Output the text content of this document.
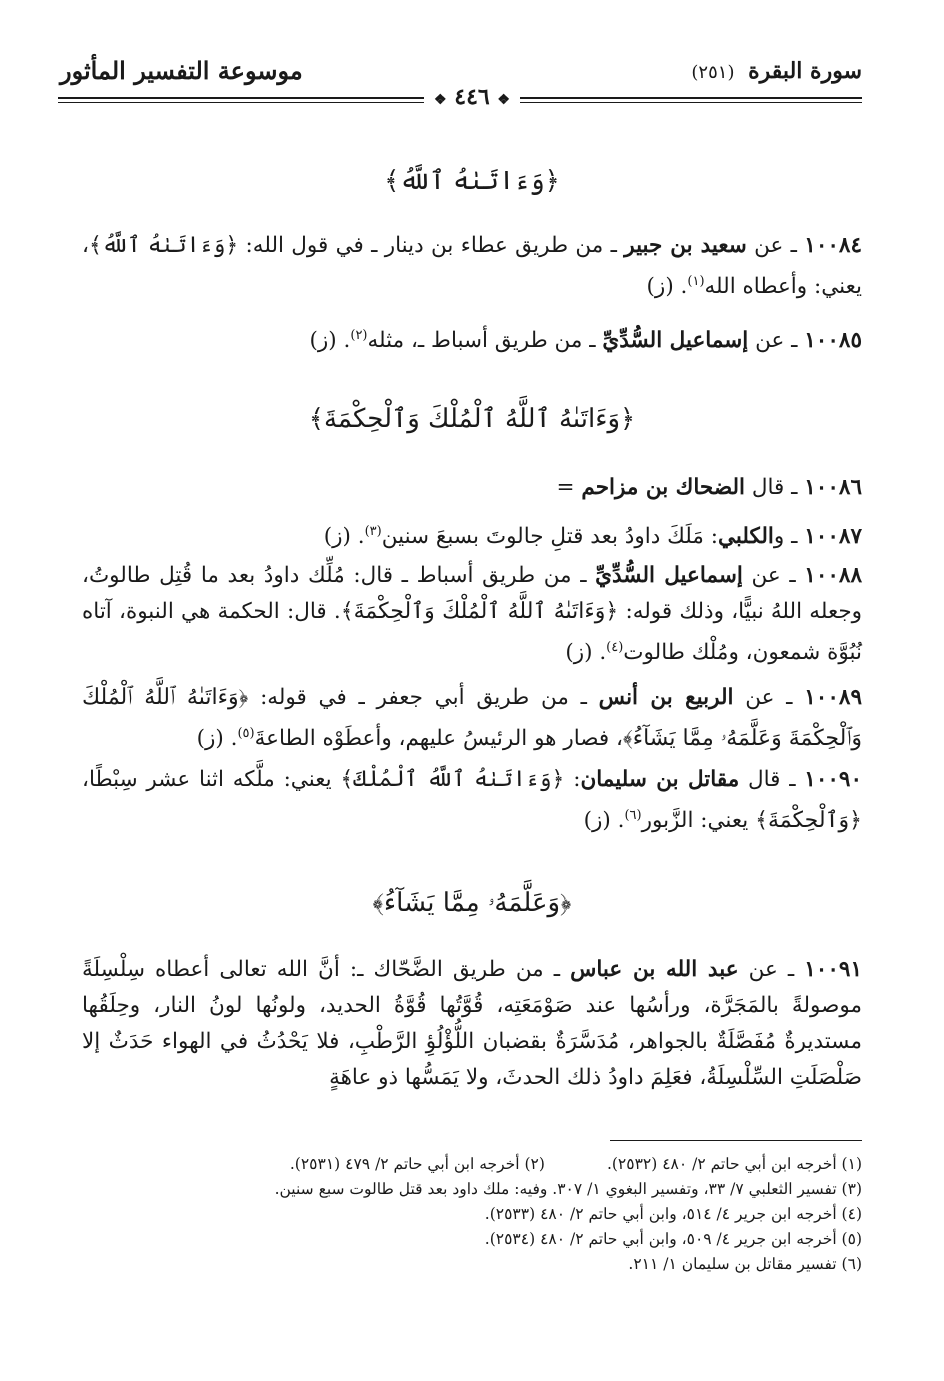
سورة البقرة (٢٥١)
موسوعة التفسير المأثور
❖ ٤٤٦ ❖
﴿وَءَاتَىٰهُ ٱللَّهُ﴾
١٠٠٨٤ ـ عن سعيد بن جبير ـ من طريق عطاء بن دينار ـ في قول الله: ﴿وَءَاتَىٰهُ ٱللَّهُ﴾، يعني: وأعطاه الله$^{(١)}$. (ز)
١٠٠٨٥ ـ عن إسماعيل السُّدِّيِّ ـ من طريق أسباط ـ، مثله$^{(٢)}$. (ز)
﴿وَءَاتَىٰهُ ٱللَّهُ ٱلْمُلْكَ وَٱلْحِكْمَةَ﴾
١٠٠٨٦ ـ قال الضحاك بن مزاحم =
١٠٠٨٧ ـ والكلبي: مَلَكَ داودُ بعد قتلِ جالوتَ بسبعَ سنين$^{(٣)}$. (ز)
١٠٠٨٨ ـ عن إسماعيل السُّدِّيِّ ـ من طريق أسباط ـ قال: مُلِّك داودُ بعد ما قُتِل طالوتُ، وجعله اللهُ نبيًّا، وذلك قوله: ﴿وَءَاتَىٰهُ ٱللَّهُ ٱلْمُلْكَ وَٱلْحِكْمَةَ﴾. قال: الحكمة هي النبوة، آتاه نُبُوَّة شمعون، ومُلْك طالوت$^{(٤)}$. (ز)
١٠٠٨٩ ـ عن الربيع بن أنس ـ من طريق أبي جعفر ـ في قوله: ﴿وَءَاتَىٰهُ ٱللَّهُ ٱلْمُلْكَ وَٱلْحِكْمَةَ وَعَلَّمَهُۥ مِمَّا يَشَآءُ﴾، فصار هو الرئيسُ عليهم، وأعطَوْه الطاعةَ$^{(٥)}$. (ز)
١٠٠٩٠ ـ قال مقاتل بن سليمان: ﴿وَءَاتَىٰهُ ٱللَّهُ ٱلْمُلْكَ﴾ يعني: ملَّكه اثنا عشر سِبْطًا، ﴿وَٱلْحِكْمَةَ﴾ يعني: الزَّبور$^{(٦)}$. (ز)
﴿وَعَلَّمَهُۥ مِمَّا يَشَآءُ﴾
١٠٠٩١ ـ عن عبد الله بن عباس ـ من طريق الضَّحّاك ـ: أنَّ الله تعالى أعطاه سِلْسِلَةً موصولةً بالمَجَرَّة، ورأسُها عند صَوْمَعَتِه، قُوَّتُها قُوَّةُ الحديد، ولونُها لونُ النار، وحِلَقُها مستديرةٌ مُفَصَّلَةٌ بالجواهر، مُدَسَّرَةٌ بقضبان اللُّؤْلُؤِ الرَّطْبِ، فلا يَحْدُثُ في الهواء حَدَثٌ إلا صَلْصَلَتِ السِّلْسِلَةُ، فعَلِمَ داودُ ذلك الحدثَ، ولا يَمَسُّها ذو عاهَةٍ
(١) أخرجه ابن أبي حاتم ٢/ ٤٨٠ (٢٥٣٢).
(٢) أخرجه ابن أبي حاتم ٢/ ٤٧٩ (٢٥٣١).
(٣) تفسير الثعلبي ٧/ ٣٣، وتفسير البغوي ١/ ٣٠٧. وفيه: ملك داود بعد قتل طالوت سبع سنين.
(٤) أخرجه ابن جرير ٤/ ٥١٤، وابن أبي حاتم ٢/ ٤٨٠ (٢٥٣٣).
(٥) أخرجه ابن جرير ٤/ ٥٠٩، وابن أبي حاتم ٢/ ٤٨٠ (٢٥٣٤).
(٦) تفسير مقاتل بن سليمان ١/ ٢١١.
